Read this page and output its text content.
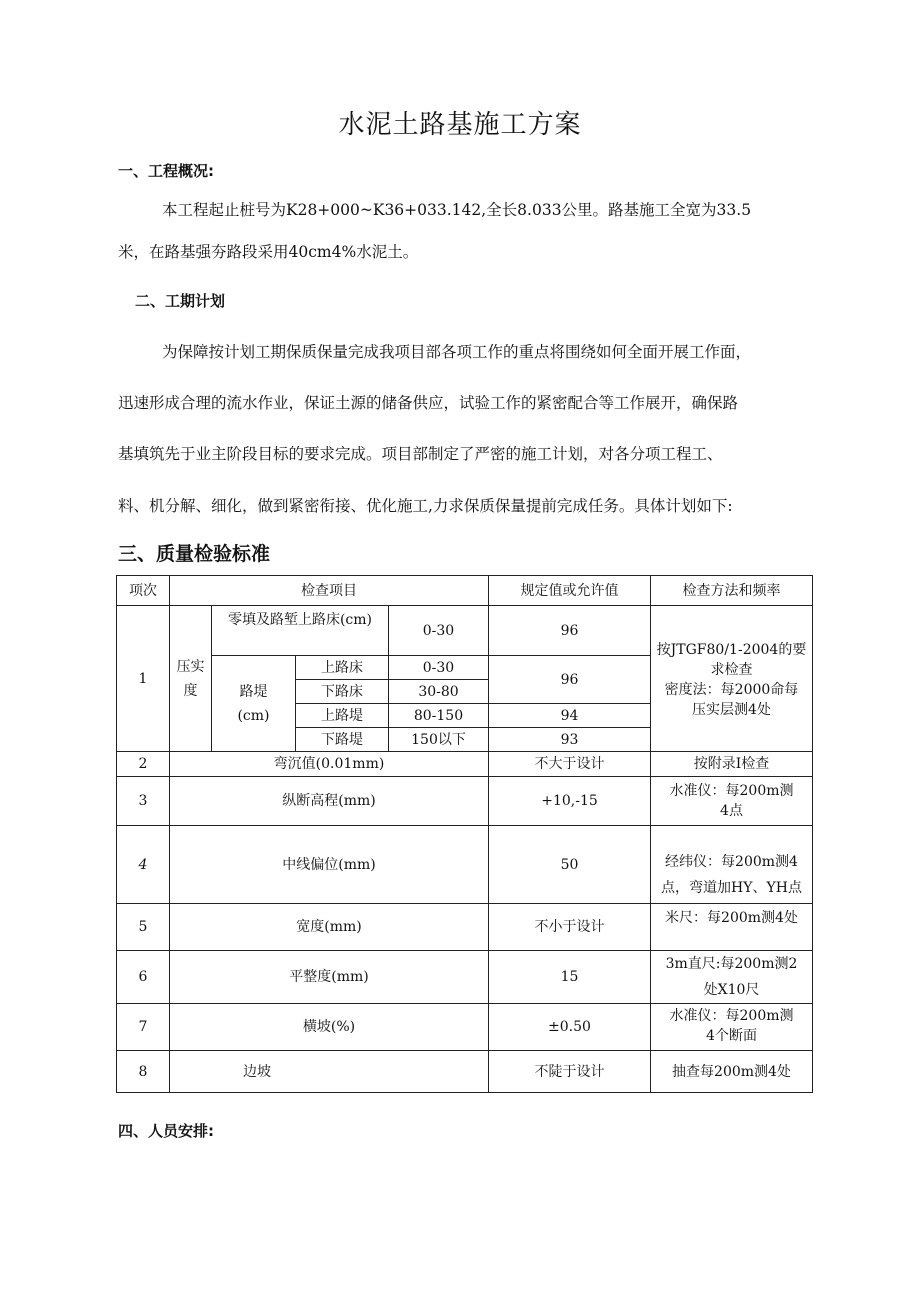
水泥土路基施工方案
一、工程概况:
本工程起止桩号为K28+000~K36+033.142,全长8.033公里。路基施工全宽为33.5
米，在路基强夯路段采用40cm4%水泥土。
二、工期计划
为保障按计划工期保质保量完成我项目部各项工作的重点将围绕如何全面开展工作面，
迅速形成合理的流水作业，保证土源的储备供应，试验工作的紧密配合等工作展开，确保路
基填筑先于业主阶段目标的要求完成。项目部制定了严密的施工计划，对各分项工程工、
料、机分解、细化，做到紧密衔接、优化施工,力求保质保量提前完成任务。具体计划如下:
三、质量检验标准
项次	检查项目				规定值或允许值	检查方法和频率
1	压实度	零填及路堑上路床(cm)		0-30	96	按JTGF80/1-2004的要
求检查
密度法：每2000命每
压实层测4处

		路堤
(cm)	上路床	0-30	96	
			下路床	30-80		
			上路堤	80-150	94	
			下路堤	150以下	93	
2	弯沉值(0.01mm)				不大于设计	按附录I检查
3	纵断高程(mm)				+10,-15	水准仪：每200m测
4点

4	中线偏位(mm)				50	经纬仪：每200m测4
点，弯道加HY、YH点

5	宽度(mm)				不小于设计	米尺：每200m测4处
6	平整度(mm)				15	3m直尺:每200m测2
处X10尺

7	横坡(%)				±0.50	水准仪：每200m测
4个断面

8	边坡				不陡于设计	抽查每200m测4处
四、人员安排:
